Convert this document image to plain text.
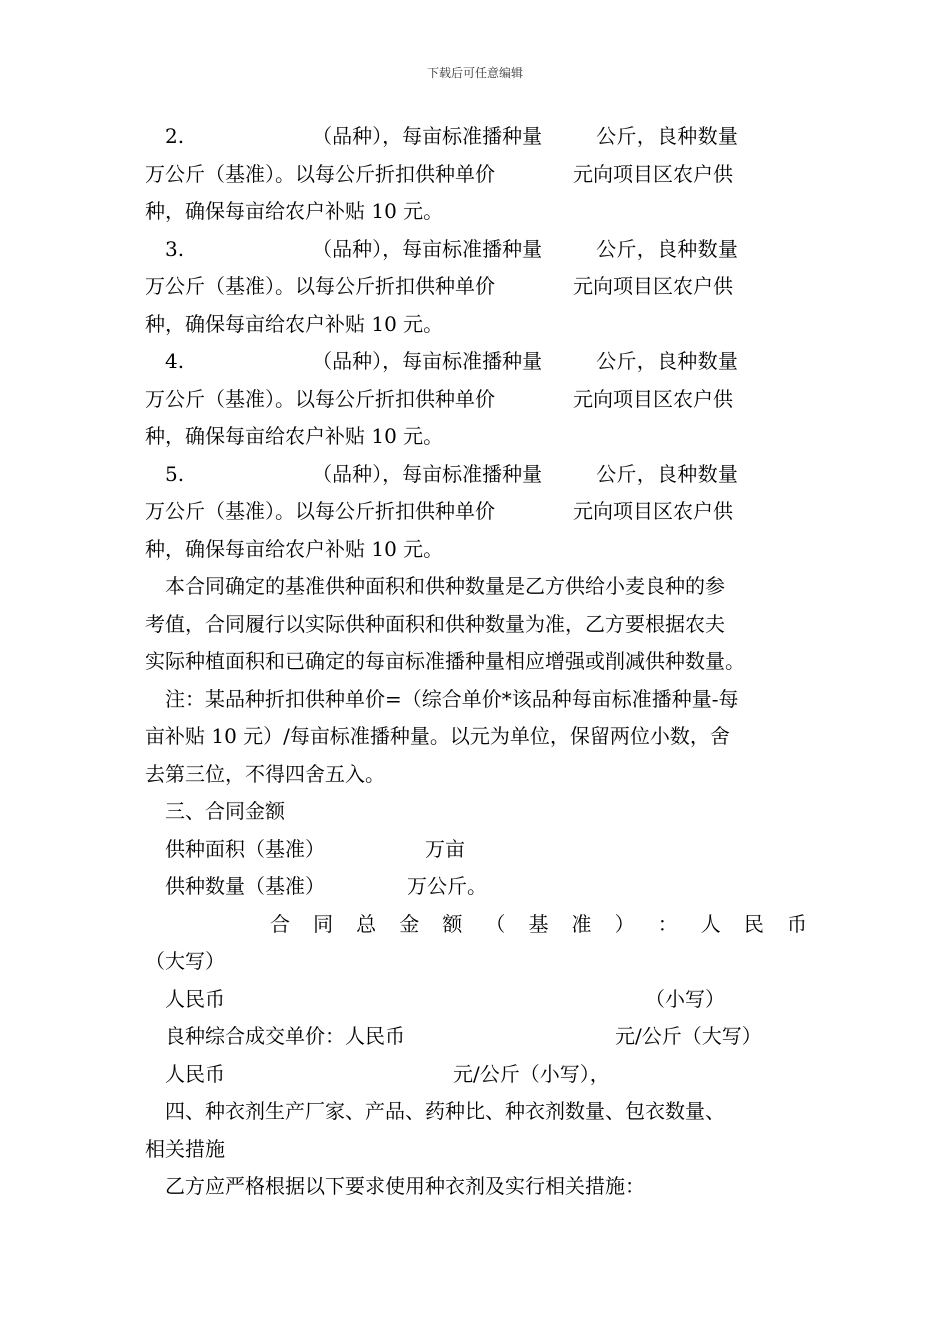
下载后可任意编辑

2.	（品种），每亩标准播种量	公斤，良种数量

万公斤（基准）。以每公斤折扣供种单价	元向项目区农户供

种，确保每亩给农户补贴 10 元。

3.	（品种），每亩标准播种量	公斤，良种数量

万公斤（基准）。以每公斤折扣供种单价	元向项目区农户供

种，确保每亩给农户补贴 10 元。

4.	（品种），每亩标准播种量	公斤，良种数量

万公斤（基准）。以每公斤折扣供种单价	元向项目区农户供

种，确保每亩给农户补贴 10 元。

5.	（品种），每亩标准播种量	公斤，良种数量

万公斤（基准）。以每公斤折扣供种单价	元向项目区农户供

种，确保每亩给农户补贴 10 元。

本合同确定的基准供种面积和供种数量是乙方供给小麦良种的参

考值，合同履行以实际供种面积和供种数量为准，乙方要根据农夫

实际种植面积和已确定的每亩标准播种量相应增强或削减供种数量。

注：某品种折扣供种单价=（综合单价*该品种每亩标准播种量-每

亩补贴 10 元）/每亩标准播种量。以元为单位，保留两位小数，舍

去第三位，不得四舍五入。

三、合同金额

供种面积（基准）	万亩

供种数量（基准）	万公斤。

合 同 总 金 额 （ 基 准 ） ： 人 民 币

（大写）

人民币	（小写）

良种综合成交单价：人民币	元/公斤（大写）

人民币	元/公斤（小写），

四、种衣剂生产厂家、产品、药种比、种衣剂数量、包衣数量、

相关措施

乙方应严格根据以下要求使用种衣剂及实行相关措施：
